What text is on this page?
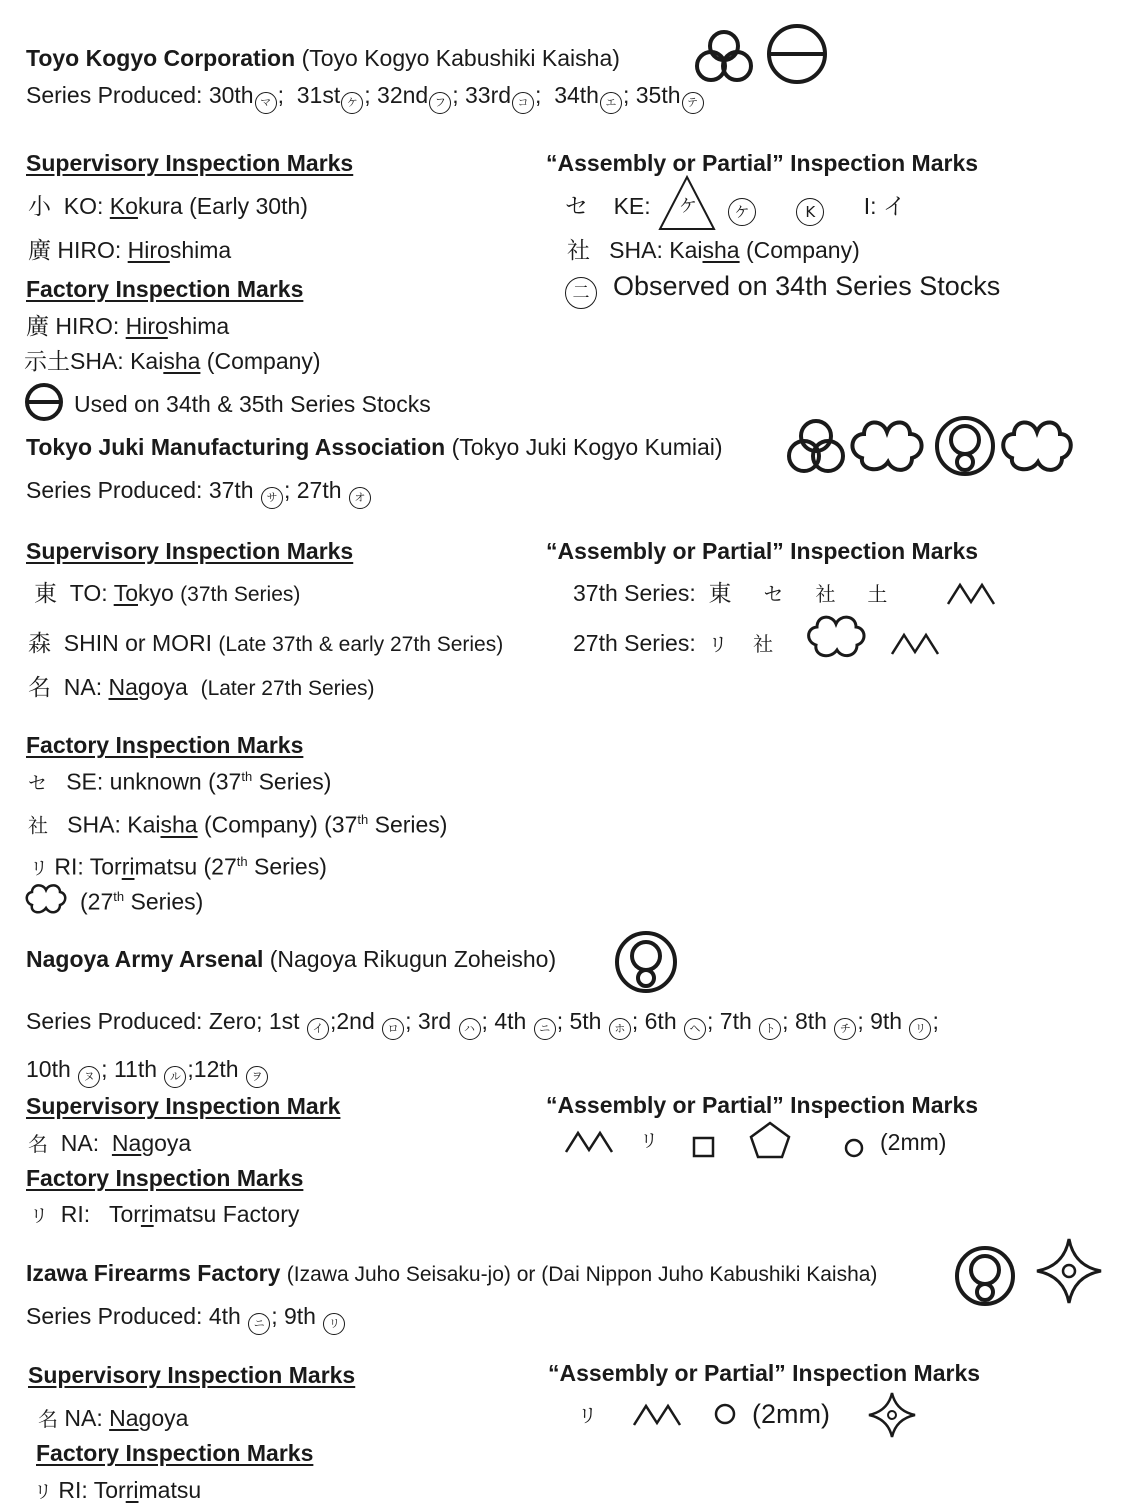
Toyo Kogyo Corporation (Toyo Kogyo Kabushiki Kaisha)
Series Produced: 30th マ ; 31st ケ ; 32nd フ ; 33rd コ ; 34th エ ; 35th テ
Supervisory Inspection Marks
小 KO: Kokura (Early 30th)
廣 HIRO: Hiroshima
Factory Inspection Marks
廣 HIRO: Hiroshima
示土SHA: Kaisha (Company)
Used on 34th & 35th Series Stocks
“Assembly or Partial” Inspection Marks
セ KE: ケ	ケ	K I: イ
社 SHA: Kaisha (Company)
二 Observed on 34th Series Stocks
Tokyo Juki Manufacturing Association (Tokyo Juki Kogyo Kumiai)
Series Produced: 37th サ ; 27th オ
Supervisory Inspection Marks
東 TO: Tokyo (37th Series)
森 SHIN or MORI (Late 37th & early 27th Series)
名 NA: Nagoya (Later 27th Series)
“Assembly or Partial” Inspection Marks
37th Series: 東 セ 社 土
27th Series: リ 社
Factory Inspection Marks
セ SE: unknown (37th Series)
社 SHA: Kaisha (Company) (37th Series)
リ RI: Torrimatsu (27th Series)
(27th Series)
Nagoya Army Arsenal (Nagoya Rikugun Zoheisho)
Series Produced: Zero; 1st イ ;2nd ロ ; 3rd ハ ; 4th ニ ; 5th ホ ; 6th ヘ ; 7th ト ; 8th チ ; 9th リ ;
10th ヌ ; 11th ル ;12th ヲ
Supervisory Inspection Mark
名 NA: Nagoya
Factory Inspection Marks
リ RI: Torrimatsu Factory
“Assembly or Partial” Inspection Marks
リ	(2mm)
Izawa Firearms Factory (Izawa Juho Seisaku-jo) or (Dai Nippon Juho Kabushiki Kaisha)
Series Produced: 4th ニ ; 9th リ
Supervisory Inspection Marks
名 NA: Nagoya
Factory Inspection Marks
リ RI: Torrimatsu
“Assembly or Partial” Inspection Marks
リ	(2mm)
